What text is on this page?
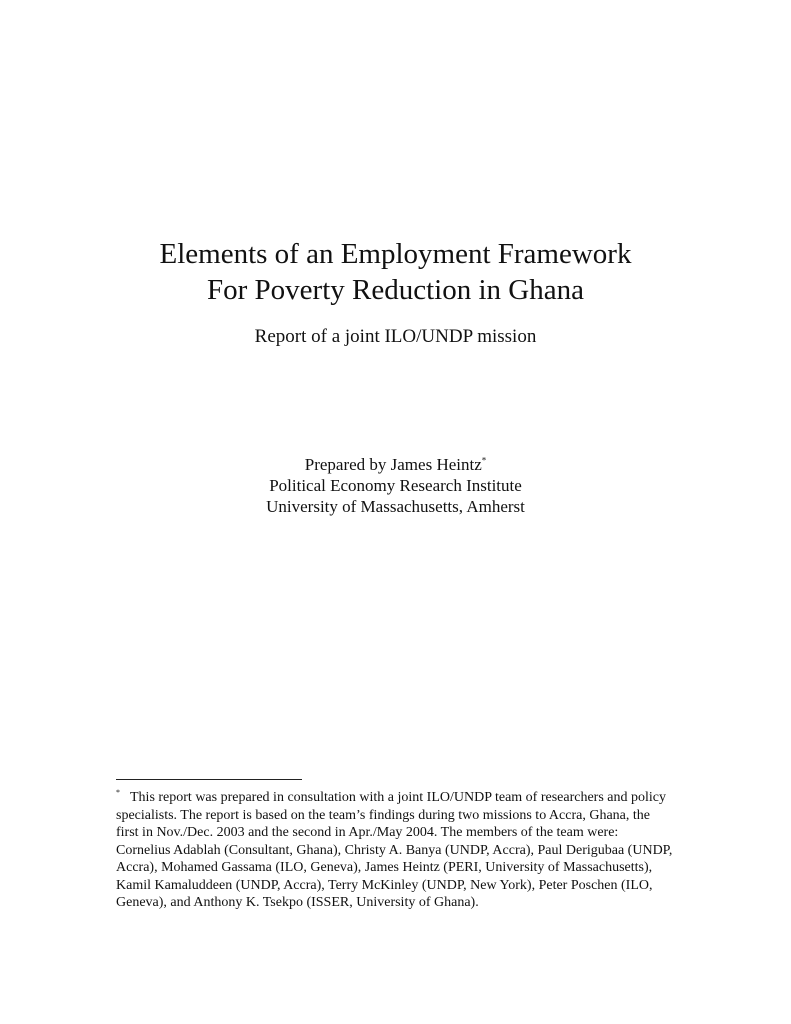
Elements of an Employment Framework
For Poverty Reduction in Ghana
Report of a joint ILO/UNDP mission
Prepared by James Heintz*
Political Economy Research Institute
University of Massachusetts, Amherst
* This report was prepared in consultation with a joint ILO/UNDP team of researchers and policy specialists. The report is based on the team’s findings during two missions to Accra, Ghana, the first in Nov./Dec. 2003 and the second in Apr./May 2004. The members of the team were: Cornelius Adablah (Consultant, Ghana), Christy A. Banya (UNDP, Accra), Paul Derigubaa (UNDP, Accra), Mohamed Gassama (ILO, Geneva), James Heintz (PERI, University of Massachusetts), Kamil Kamaluddeen (UNDP, Accra), Terry McKinley (UNDP, New York), Peter Poschen (ILO, Geneva), and Anthony K. Tsekpo (ISSER, University of Ghana).
